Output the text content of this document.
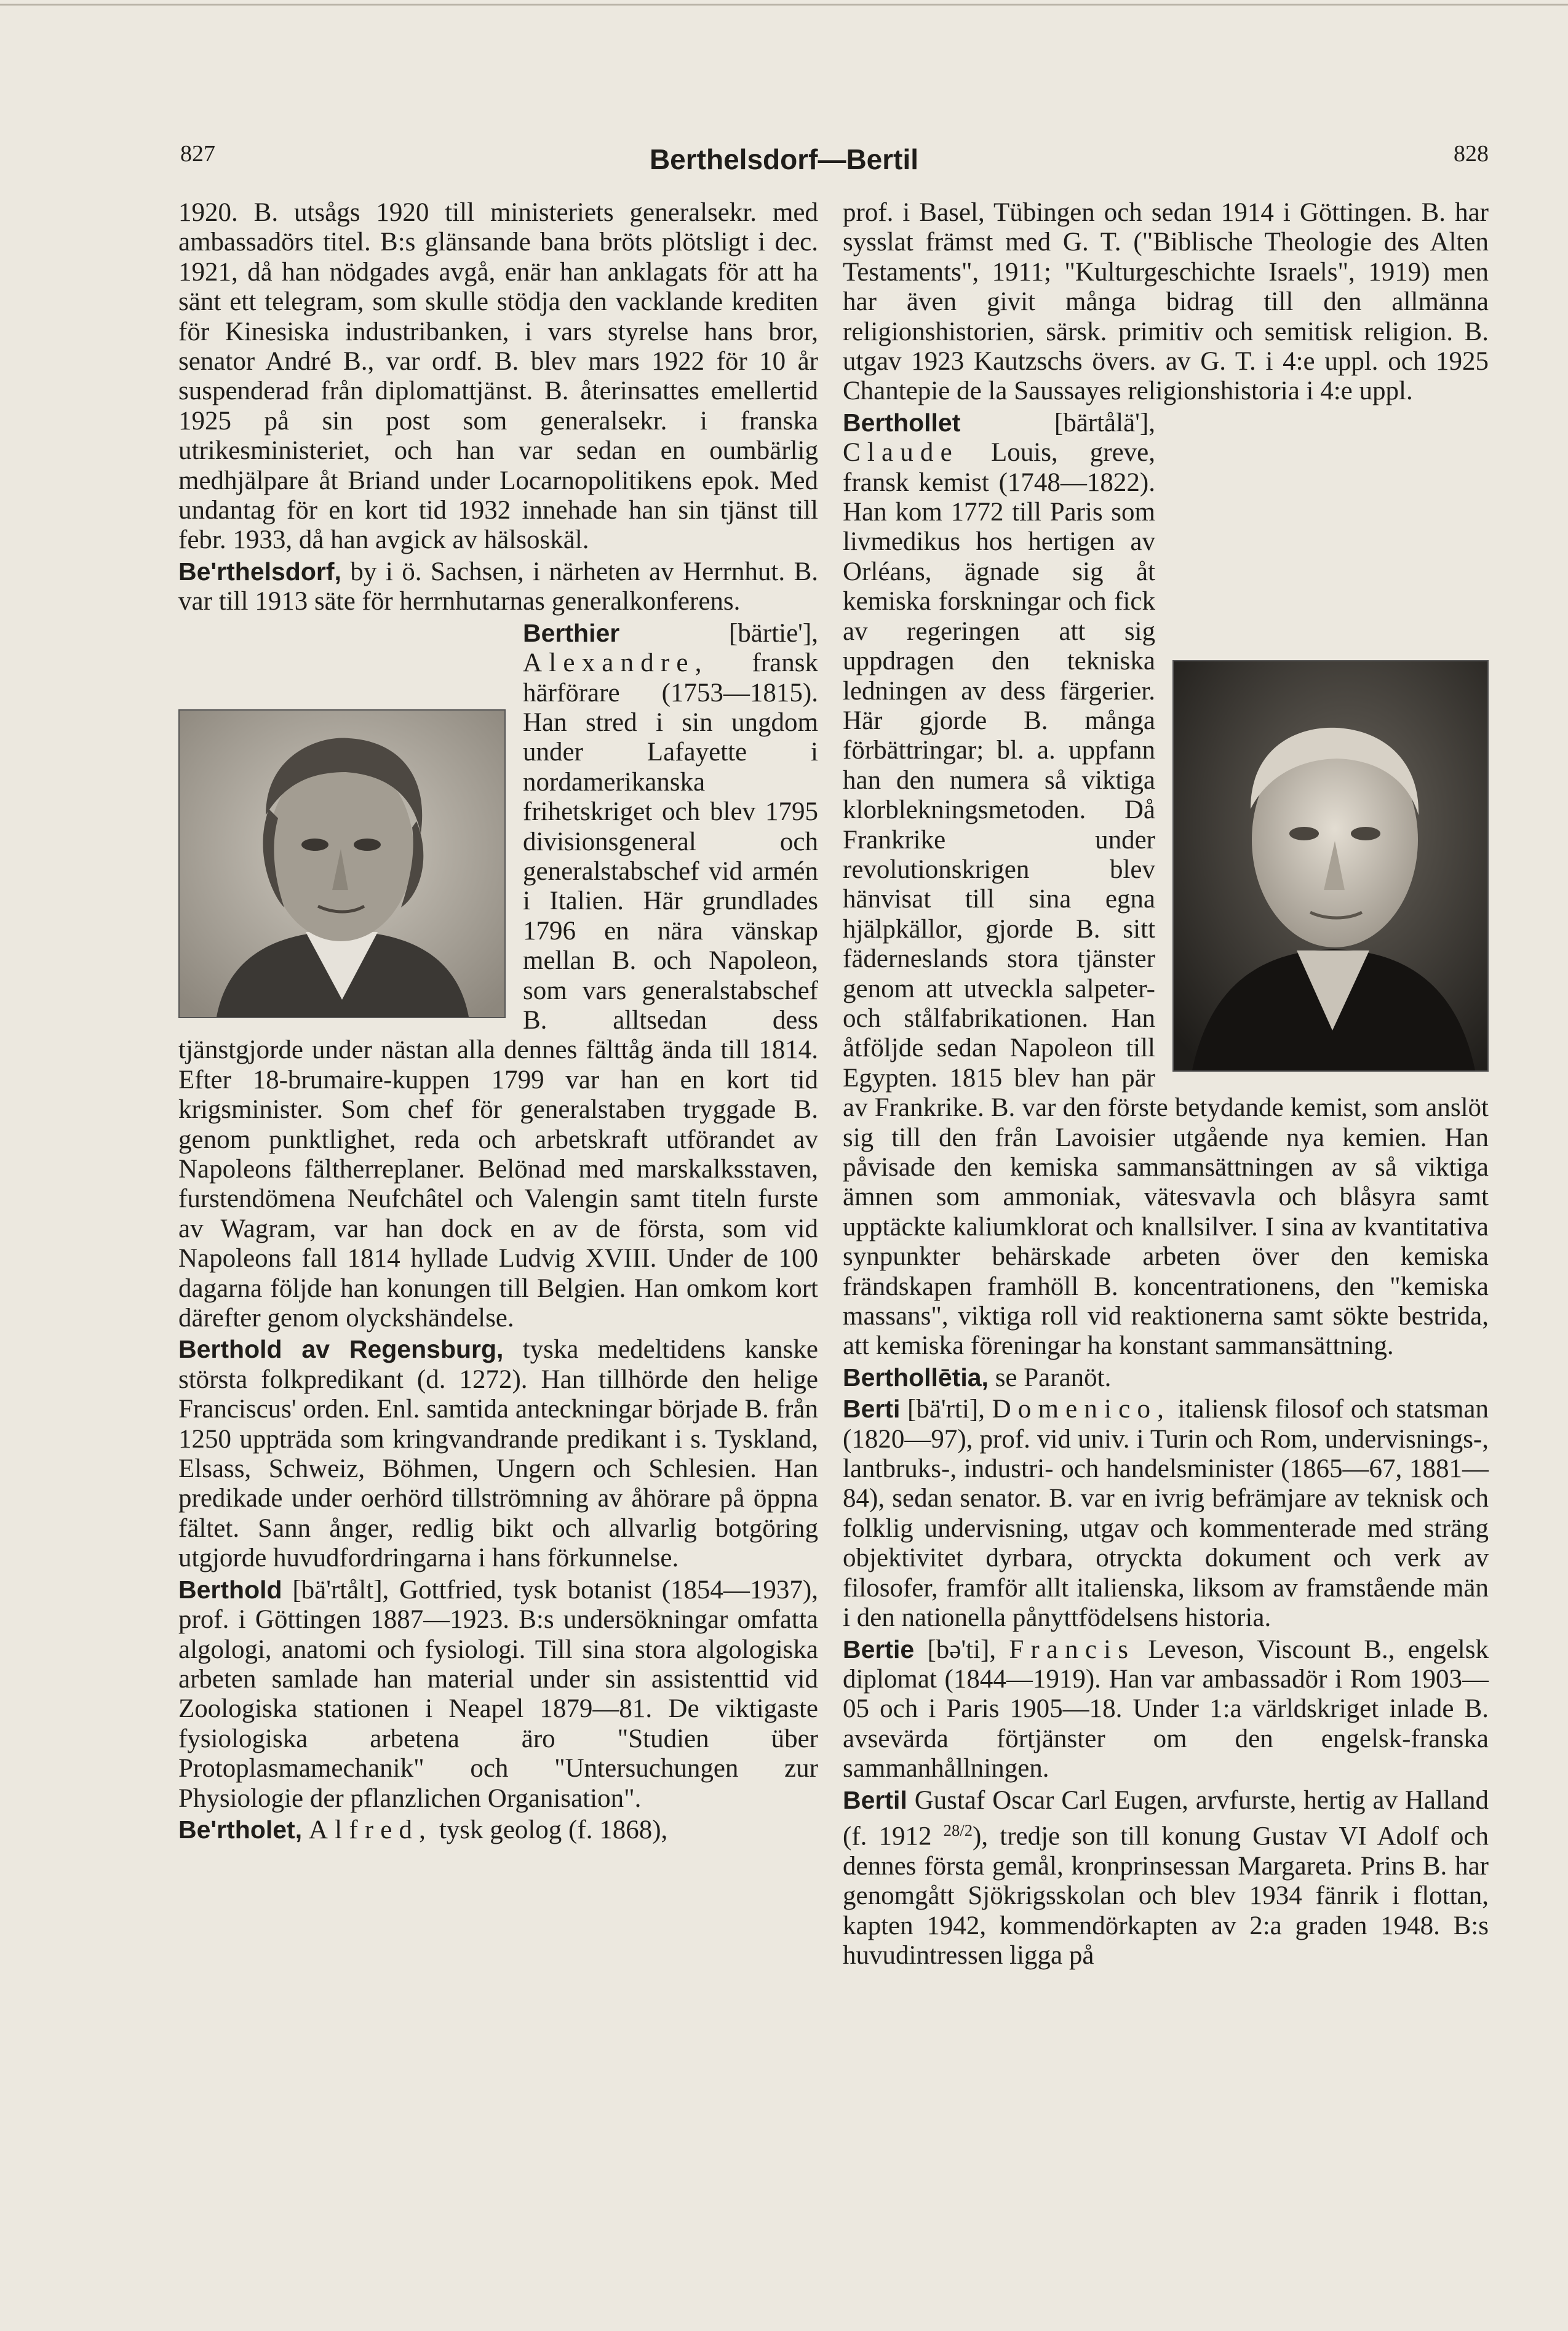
827	Berthelsdorf—Bertil	828

1920. B. utsågs 1920 till ministeriets generalsekr. med ambassadörs titel. B:s glänsande bana bröts plötsligt i dec. 1921, då han nödgades avgå, enär han anklagats för att ha sänt ett telegram, som skulle stödja den vacklande krediten för Kinesiska industribanken, i vars styrelse hans bror, senator André B., var ordf. B. blev mars 1922 för 10 år suspenderad från diplomattjänst. B. återinsattes emellertid 1925 på sin post som generalsekr. i franska utrikesministeriet, och han var sedan en oumbärlig medhjälpare åt Briand under Locarnopolitikens epok. Med undantag för en kort tid 1932 innehade han sin tjänst till febr. 1933, då han avgick av hälsoskäl.

Be'rthelsdorf, by i ö. Sachsen, i närheten av Herrnhut. B. var till 1913 säte för herrnhutarnas generalkonferens.

Berthier [bärtie'], Alexandre, fransk härförare (1753—1815). Han stred i sin ungdom under Lafayette i nordamerikanska frihetskriget och blev 1795 divisionsgeneral och generalstabschef vid armén i Italien. Här grundlades 1796 en nära vänskap mellan B. och Napoleon, som vars generalstabschef B. alltsedan dess tjänstgjorde under nästan alla dennes fälttåg ända till 1814. Efter 18-brumaire-kuppen 1799 var han en kort tid krigsminister. Som chef för generalstaben tryggade B. genom punktlighet, reda och arbetskraft utförandet av Napoleons fältherreplaner. Belönad med marskalksstaven, furstendömena Neufchâtel och Valengin samt titeln furste av Wagram, var han dock en av de första, som vid Napoleons fall 1814 hyllade Ludvig XVIII. Under de 100 dagarna följde han konungen till Belgien. Han omkom kort därefter genom olyckshändelse.

Berthold av Regensburg, tyska medeltidens kanske största folkpredikant (d. 1272). Han tillhörde den helige Franciscus' orden. Enl. samtida anteckningar började B. från 1250 uppträda som kringvandrande predikant i s. Tyskland, Elsass, Schweiz, Böhmen, Ungern och Schlesien. Han predikade under oerhörd tillströmning av åhörare på öppna fältet. Sann ånger, redlig bikt och allvarlig botgöring utgjorde huvudfordringarna i hans förkunnelse.

Berthold [bä'rtålt], Gottfried, tysk botanist (1854—1937), prof. i Göttingen 1887—1923. B:s undersökningar omfatta algologi, anatomi och fysiologi. Till sina stora algologiska arbeten samlade han material under sin assistenttid vid Zoologiska stationen i Neapel 1879—81. De viktigaste fysiologiska arbetena äro "Studien über Protoplasmamechanik" och "Untersuchungen zur Physiologie der pflanzlichen Organisation".

Be'rtholet, Alfred, tysk geolog (f. 1868),

prof. i Basel, Tübingen och sedan 1914 i Göttingen. B. har sysslat främst med G. T. ("Biblische Theologie des Alten Testaments", 1911; "Kulturgeschichte Israels", 1919) men har även givit många bidrag till den allmänna religionshistorien, särsk. primitiv och semitisk religion. B. utgav 1923 Kautzschs övers. av G. T. i 4:e uppl. och 1925 Chantepie de la Saussayes religionshistoria i 4:e uppl.

Berthollet [bärtålä'], Claude Louis, greve, fransk kemist (1748—1822). Han kom 1772 till Paris som livmedikus hos hertigen av Orléans, ägnade sig åt kemiska forskningar och fick av regeringen att sig uppdragen den tekniska ledningen av dess färgerier. Här gjorde B. många förbättringar; bl. a. uppfann han den numera så viktiga klorblekningsmetoden. Då Frankrike under revolutionskrigen blev hänvisat till sina egna hjälpkällor, gjorde B. sitt fäderneslands stora tjänster genom att utveckla salpeter- och stålfabrikationen. Han åtföljde sedan Napoleon till Egypten. 1815 blev han pär av Frankrike. B. var den förste betydande kemist, som anslöt sig till den från Lavoisier utgående nya kemien. Han påvisade den kemiska sammansättningen av så viktiga ämnen som ammoniak, vätesvavla och blåsyra samt upptäckte kaliumklorat och knallsilver. I sina av kvantitativa synpunkter behärskade arbeten över den kemiska frändskapen framhöll B. koncentrationens, den "kemiska massans", viktiga roll vid reaktionerna samt sökte bestrida, att kemiska föreningar ha konstant sammansättning.

Berthollētia, se Paranöt.

Berti [bä'rti], Domenico, italiensk filosof och statsman (1820—97), prof. vid univ. i Turin och Rom, undervisnings-, lantbruks-, industri- och handelsminister (1865—67, 1881—84), sedan senator. B. var en ivrig befrämjare av teknisk och folklig undervisning, utgav och kommenterade med sträng objektivitet dyrbara, otryckta dokument och verk av filosofer, framför allt italienska, liksom av framstående män i den nationella pånyttfödelsens historia.

Bertie [bə'ti], Francis Leveson, Viscount B., engelsk diplomat (1844—1919). Han var ambassadör i Rom 1903—05 och i Paris 1905—18. Under 1:a världskriget inlade B. avsevärda förtjänster om den engelsk-franska sammanhållningen.

Bertil Gustaf Oscar Carl Eugen, arvfurste, hertig av Halland (f. 1912 $^{28/2}$), tredje son till konung Gustav VI Adolf och dennes första gemål, kronprinsessan Margareta. Prins B. har genomgått Sjökrigsskolan och blev 1934 fänrik i flottan, kapten 1942, kommendörkapten av 2:a graden 1948. B:s huvudintressen ligga på
